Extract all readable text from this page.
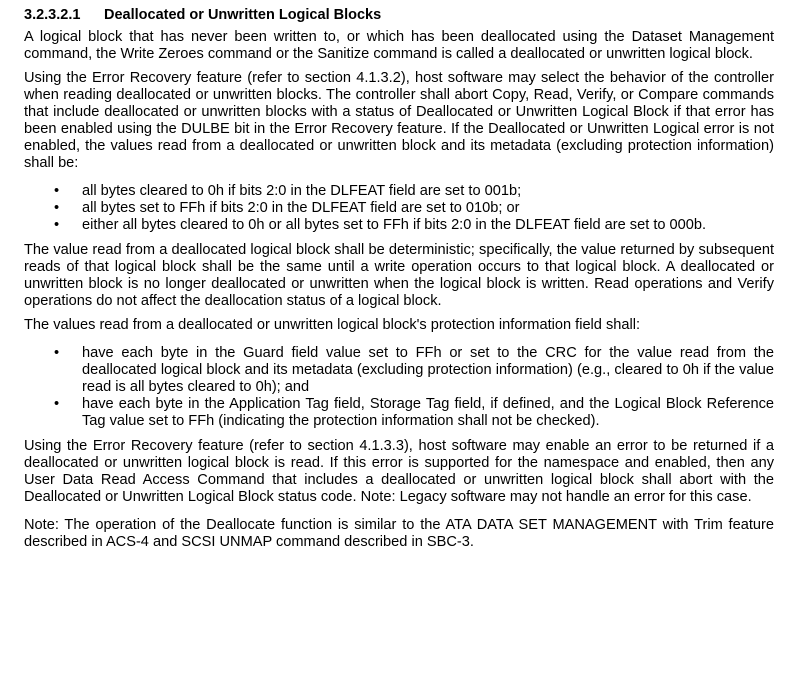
3.2.3.2.1	Deallocated or Unwritten Logical Blocks

A logical block that has never been written to, or which has been deallocated using the Dataset Management command, the Write Zeroes command or the Sanitize command is called a deallocated or unwritten logical block.

Using the Error Recovery feature (refer to section 4.1.3.2), host software may select the behavior of the controller when reading deallocated or unwritten blocks. The controller shall abort Copy, Read, Verify, or Compare commands that include deallocated or unwritten blocks with a status of Deallocated or Unwritten Logical Block if that error has been enabled using the DULBE bit in the Error Recovery feature. If the Deallocated or Unwritten Logical error is not enabled, the values read from a deallocated or unwritten block and its metadata (excluding protection information) shall be:

• all bytes cleared to 0h if bits 2:0 in the DLFEAT field are set to 001b;
• all bytes set to FFh if bits 2:0 in the DLFEAT field are set to 010b; or
• either all bytes cleared to 0h or all bytes set to FFh if bits 2:0 in the DLFEAT field are set to 000b.

The value read from a deallocated logical block shall be deterministic; specifically, the value returned by subsequent reads of that logical block shall be the same until a write operation occurs to that logical block. A deallocated or unwritten block is no longer deallocated or unwritten when the logical block is written. Read operations and Verify operations do not affect the deallocation status of a logical block.

The values read from a deallocated or unwritten logical block's protection information field shall:

• have each byte in the Guard field value set to FFh or set to the CRC for the value read from the deallocated logical block and its metadata (excluding protection information) (e.g., cleared to 0h if the value read is all bytes cleared to 0h); and
• have each byte in the Application Tag field, Storage Tag field, if defined, and the Logical Block Reference Tag value set to FFh (indicating the protection information shall not be checked).

Using the Error Recovery feature (refer to section 4.1.3.3), host software may enable an error to be returned if a deallocated or unwritten logical block is read. If this error is supported for the namespace and enabled, then any User Data Read Access Command that includes a deallocated or unwritten logical block shall abort with the Deallocated or Unwritten Logical Block status code. Note: Legacy software may not handle an error for this case.

Note: The operation of the Deallocate function is similar to the ATA DATA SET MANAGEMENT with Trim feature described in ACS-4 and SCSI UNMAP command described in SBC-3.
